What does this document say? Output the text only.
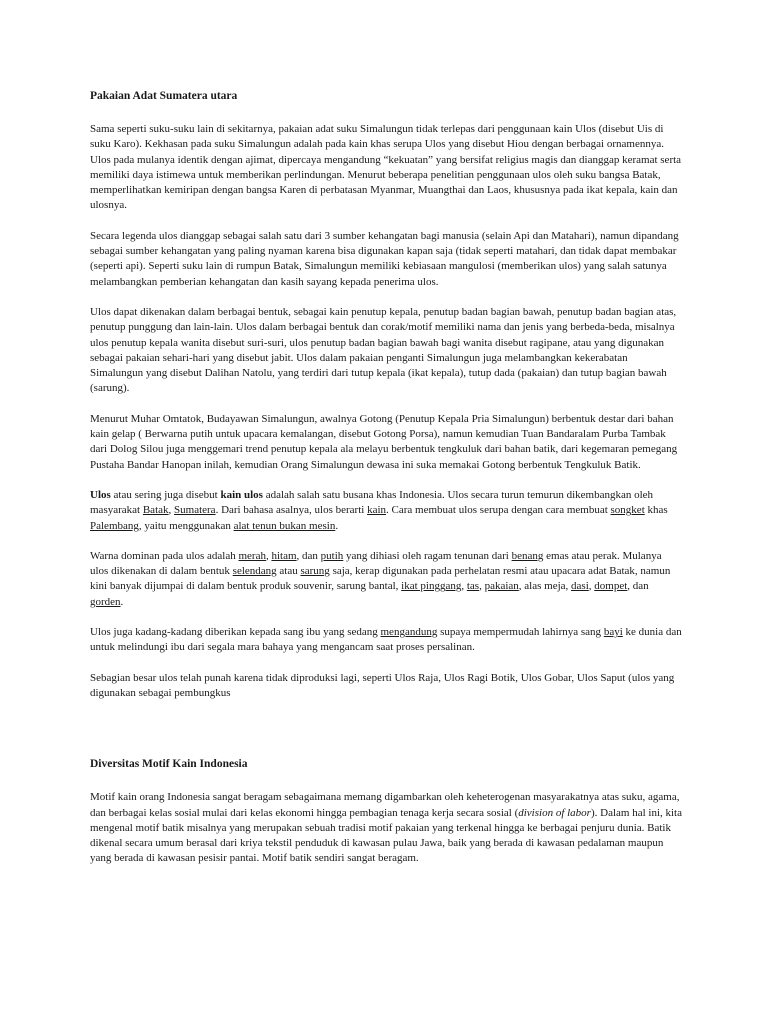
Pakaian Adat Sumatera utara

Sama seperti suku-suku lain di sekitarnya, pakaian adat suku Simalungun tidak terlepas dari penggunaan kain Ulos (disebut Uis di suku Karo). Kekhasan pada suku Simalungun adalah pada kain khas serupa Ulos yang disebut Hiou dengan berbagai ornamennya. Ulos pada mulanya identik dengan ajimat, dipercaya mengandung “kekuatan” yang bersifat religius magis dan dianggap keramat serta memiliki daya istimewa untuk memberikan perlindungan. Menurut beberapa penelitian penggunaan ulos oleh suku bangsa Batak, memperlihatkan kemiripan dengan bangsa Karen di perbatasan Myanmar, Muangthai dan Laos, khususnya pada ikat kepala, kain dan ulosnya.

Secara legenda ulos dianggap sebagai salah satu dari 3 sumber kehangatan bagi manusia (selain Api dan Matahari), namun dipandang sebagai sumber kehangatan yang paling nyaman karena bisa digunakan kapan saja (tidak seperti matahari, dan tidak dapat membakar (seperti api). Seperti suku lain di rumpun Batak, Simalungun memiliki kebiasaan mangulosi (memberikan ulos) yang salah satunya melambangkan pemberian kehangatan dan kasih sayang kepada penerima ulos.

Ulos dapat dikenakan dalam berbagai bentuk, sebagai kain penutup kepala, penutup badan bagian bawah, penutup badan bagian atas, penutup punggung dan lain-lain. Ulos dalam berbagai bentuk dan corak/motif memiliki nama dan jenis yang berbeda-beda, misalnya ulos penutup kepala wanita disebut suri-suri, ulos penutup badan bagian bawah bagi wanita disebut ragipane, atau yang digunakan sebagai pakaian sehari-hari yang disebut jabit. Ulos dalam pakaian penganti Simalungun juga melambangkan kekerabatan Simalungun yang disebut Dalihan Natolu, yang terdiri dari tutup kepala (ikat kepala), tutup dada (pakaian) dan tutup bagian bawah (sarung).

Menurut Muhar Omtatok, Budayawan Simalungun, awalnya Gotong (Penutup Kepala Pria Simalungun) berbentuk destar dari bahan kain gelap ( Berwarna putih untuk upacara kemalangan, disebut Gotong Porsa), namun kemudian Tuan Bandaralam Purba Tambak dari Dolog Silou juga menggemari trend penutup kepala ala melayu berbentuk tengkuluk dari bahan batik, dari kegemaran pemegang Pustaha Bandar Hanopan inilah, kemudian Orang Simalungun dewasa ini suka memakai Gotong berbentuk Tengkuluk Batik.

Ulos atau sering juga disebut kain ulos adalah salah satu busana khas Indonesia. Ulos secara turun temurun dikembangkan oleh masyarakat Batak, Sumatera. Dari bahasa asalnya, ulos berarti kain. Cara membuat ulos serupa dengan cara membuat songket khas Palembang, yaitu menggunakan alat tenun bukan mesin.

Warna dominan pada ulos adalah merah, hitam, dan putih yang dihiasi oleh ragam tenunan dari benang emas atau perak. Mulanya ulos dikenakan di dalam bentuk selendang atau sarung saja, kerap digunakan pada perhelatan resmi atau upacara adat Batak, namun kini banyak dijumpai di dalam bentuk produk souvenir, sarung bantal, ikat pinggang, tas, pakaian, alas meja, dasi, dompet, dan gorden.

Ulos juga kadang-kadang diberikan kepada sang ibu yang sedang mengandung supaya mempermudah lahirnya sang bayi ke dunia dan untuk melindungi ibu dari segala mara bahaya yang mengancam saat proses persalinan.

Sebagian besar ulos telah punah karena tidak diproduksi lagi, seperti Ulos Raja, Ulos Ragi Botik, Ulos Gobar, Ulos Saput (ulos yang digunakan sebagai pembungkus

Diversitas Motif Kain Indonesia

Motif kain orang Indonesia sangat beragam sebagaimana memang digambarkan oleh keheterogenan masyarakatnya atas suku, agama, dan berbagai kelas sosial mulai dari kelas ekonomi hingga pembagian tenaga kerja secara sosial (division of labor). Dalam hal ini, kita mengenal motif batik misalnya yang merupakan sebuah tradisi motif pakaian yang terkenal hingga ke berbagai penjuru dunia. Batik dikenal secara umum berasal dari kriya tekstil penduduk di kawasan pulau Jawa, baik yang berada di kawasan pedalaman maupun yang berada di kawasan pesisir pantai. Motif batik sendiri sangat beragam.
